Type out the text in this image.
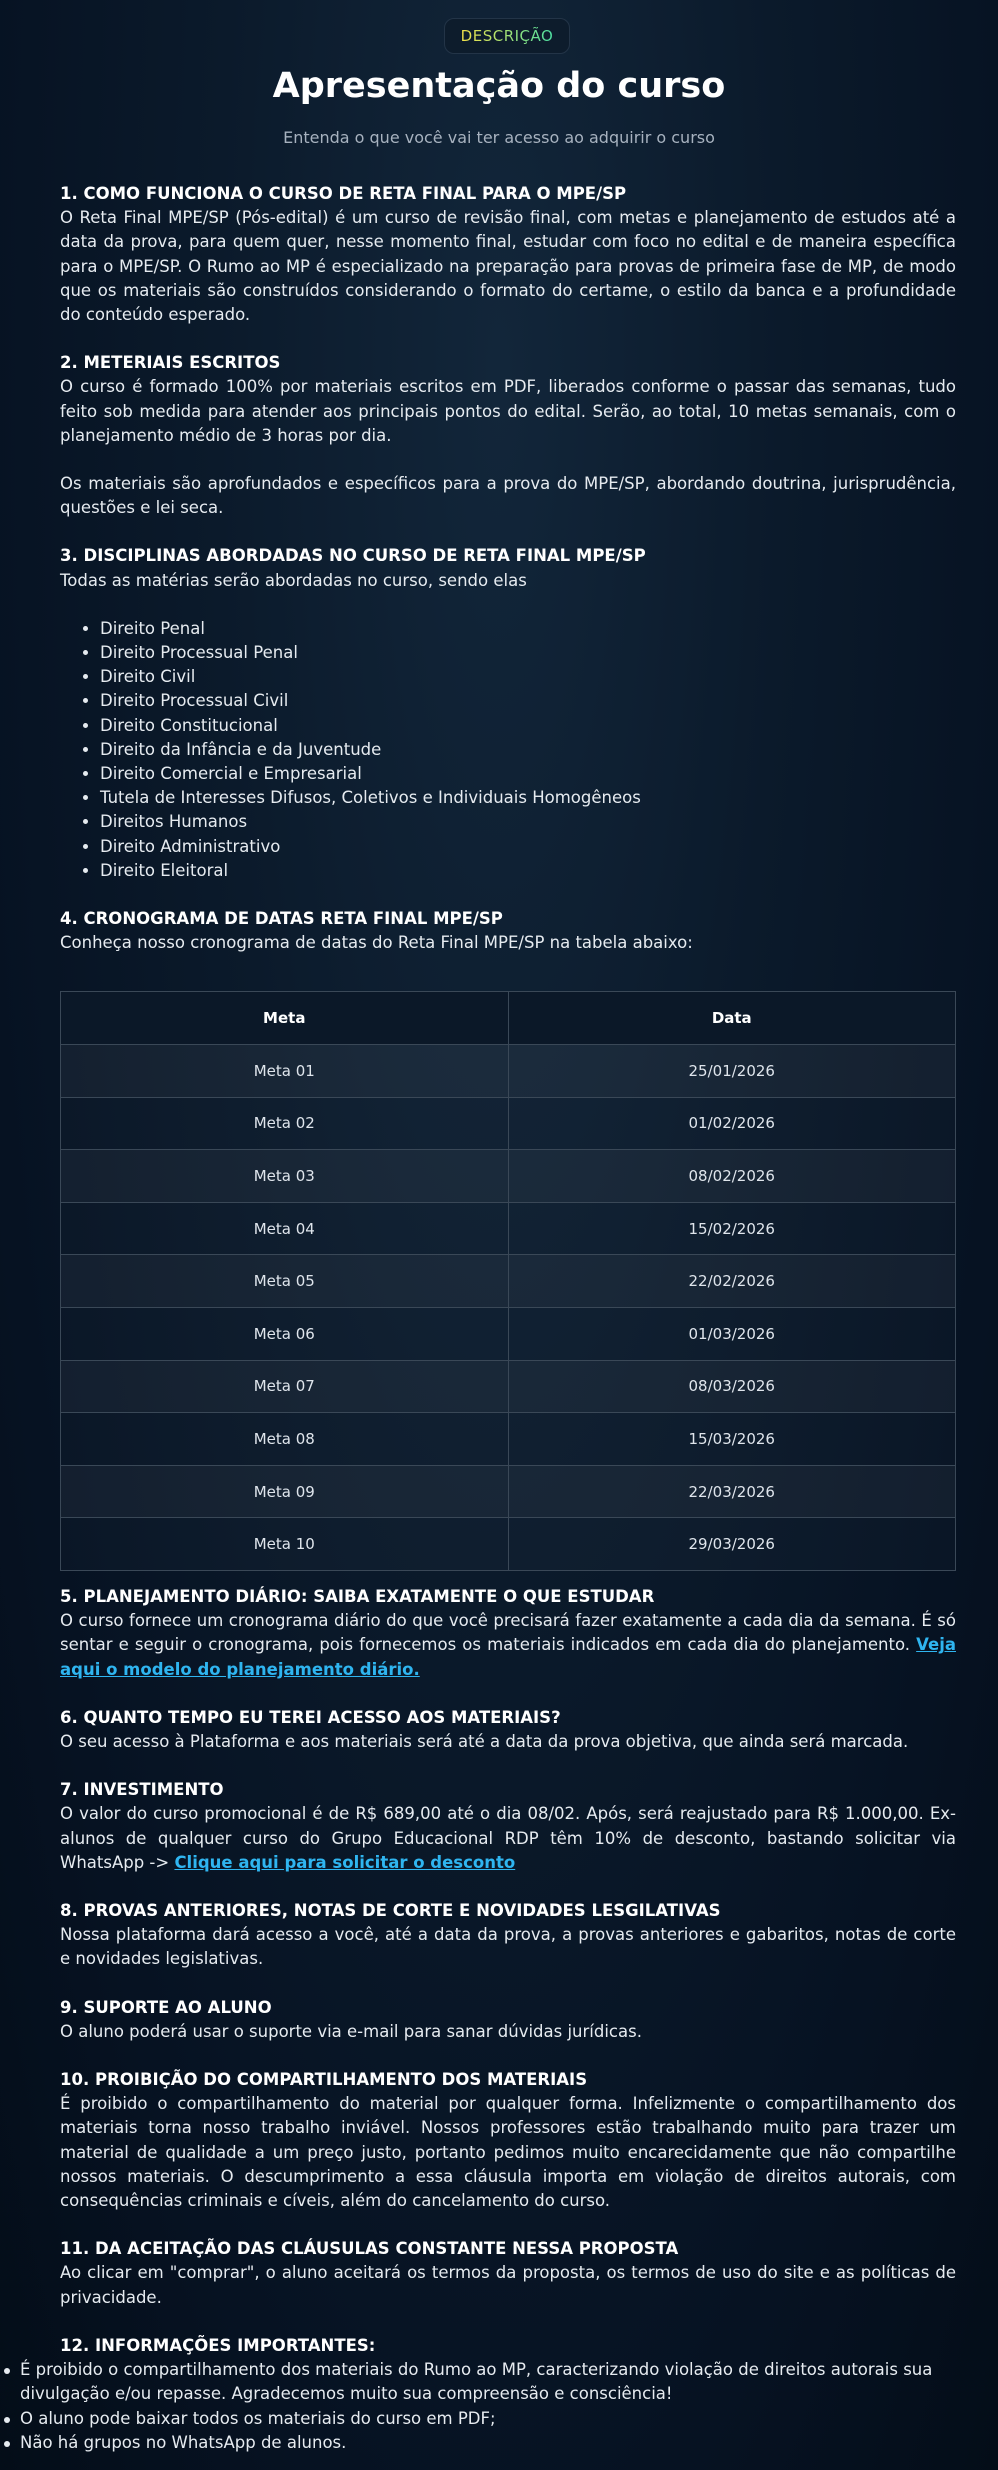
DESCRIÇÃO
Apresentação do curso

Entenda o que você vai ter acesso ao adquirir o curso

1. COMO FUNCIONA O CURSO DE RETA FINAL PARA O MPE/SP

O Reta Final MPE/SP (Pós-edital) é um curso de revisão final, com metas e planejamento de estudos até a data da prova, para quem quer, nesse momento final, estudar com foco no edital e de maneira específica para o MPE/SP. O Rumo ao MP é especializado na preparação para provas de primeira fase de MP, de modo que os materiais são construídos considerando o formato do certame, o estilo da banca e a profundidade do conteúdo esperado.

2. METERIAIS ESCRITOS

O curso é formado 100% por materiais escritos em PDF, liberados conforme o passar das semanas, tudo feito sob medida para atender aos principais pontos do edital. Serão, ao total, 10 metas semanais, com o planejamento médio de 3 horas por dia.

Os materiais são aprofundados e específicos para a prova do MPE/SP, abordando doutrina, jurisprudência, questões e lei seca.

3. DISCIPLINAS ABORDADAS NO CURSO DE RETA FINAL MPE/SP

Todas as matérias serão abordadas no curso, sendo elas

• Direito Penal
• Direito Processual Penal
• Direito Civil
• Direito Processual Civil
• Direito Constitucional
• Direito da Infância e da Juventude
• Direito Comercial e Empresarial
• Tutela de Interesses Difusos, Coletivos e Individuais Homogêneos
• Direitos Humanos
• Direito Administrativo
• Direito Eleitoral
4. CRONOGRAMA DE DATAS RETA FINAL MPE/SP

Conheça nosso cronograma de datas do Reta Final MPE/SP na tabela abaixo:

Meta	Data
Meta 01	25/01/2026
Meta 02	01/02/2026
Meta 03	08/02/2026
Meta 04	15/02/2026
Meta 05	22/02/2026
Meta 06	01/03/2026
Meta 07	08/03/2026
Meta 08	15/03/2026
Meta 09	22/03/2026
Meta 10	29/03/2026
5. PLANEJAMENTO DIÁRIO: SAIBA EXATAMENTE O QUE ESTUDAR

O curso fornece um cronograma diário do que você precisará fazer exatamente a cada dia da semana. É só sentar e seguir o cronograma, pois fornecemos os materiais indicados em cada dia do planejamento. Veja aqui o modelo do planejamento diário.

6. QUANTO TEMPO EU TEREI ACESSO AOS MATERIAIS?

O seu acesso à Plataforma e aos materiais será até a data da prova objetiva, que ainda será marcada.

7. INVESTIMENTO

O valor do curso promocional é de R$ 689,00 até o dia 08/02. Após, será reajustado para R$ 1.000,00. Ex-alunos de qualquer curso do Grupo Educacional RDP têm 10% de desconto, bastando solicitar via WhatsApp -> Clique aqui para solicitar o desconto

8. PROVAS ANTERIORES, NOTAS DE CORTE E NOVIDADES LESGILATIVAS

Nossa plataforma dará acesso a você, até a data da prova, a provas anteriores e gabaritos, notas de corte e novidades legislativas.

9. SUPORTE AO ALUNO

O aluno poderá usar o suporte via e-mail para sanar dúvidas jurídicas.

10. PROIBIÇÃO DO COMPARTILHAMENTO DOS MATERIAIS

É proibido o compartilhamento do material por qualquer forma. Infelizmente o compartilhamento dos materiais torna nosso trabalho inviável. Nossos professores estão trabalhando muito para trazer um material de qualidade a um preço justo, portanto pedimos muito encarecidamente que não compartilhe nossos materiais. O descumprimento a essa cláusula importa em violação de direitos autorais, com consequências criminais e cíveis, além do cancelamento do curso.

11. DA ACEITAÇÃO DAS CLÁUSULAS CONSTANTE NESSA PROPOSTA

Ao clicar em "comprar", o aluno aceitará os termos da proposta, os termos de uso do site e as políticas de privacidade.

12. INFORMAÇÕES IMPORTANTES:
É proibido o compartilhamento dos materiais do Rumo ao MP, caracterizando violação de direitos autorais sua divulgação e/ou repasse. Agradecemos muito sua compreensão e consciência!
O aluno pode baixar todos os materiais do curso em PDF;
Não há grupos no WhatsApp de alunos.
